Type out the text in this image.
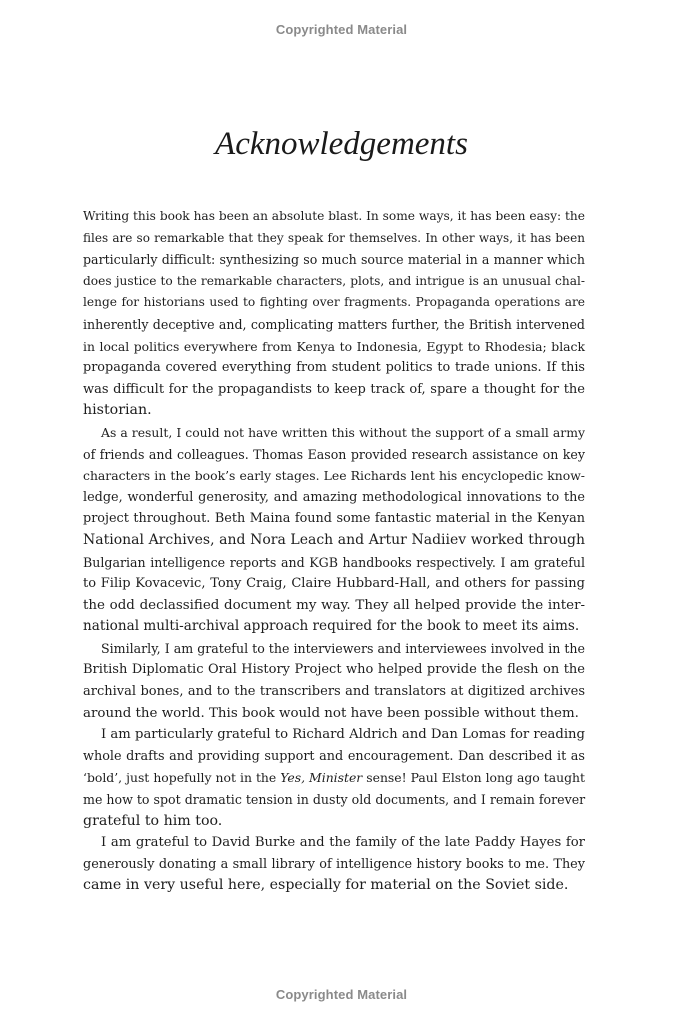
Copyrighted Material
Acknowledgements

Writing this book has been an absolute blast. In some ways, it has been easy: the
files are so remarkable that they speak for themselves. In other ways, it has been
particularly difficult: synthesizing so much source material in a manner which
does justice to the remarkable characters, plots, and intrigue is an unusual chal-
lenge for historians used to fighting over fragments. Propaganda operations are
inherently deceptive and, complicating matters further, the British intervened
in local politics everywhere from Kenya to Indonesia, Egypt to Rhodesia; black
propaganda covered everything from student politics to trade unions. If this
was difficult for the propagandists to keep track of, spare a thought for the
historian.

As a result, I could not have written this without the support of a small army
of friends and colleagues. Thomas Eason provided research assistance on key
characters in the book’s early stages. Lee Richards lent his encyclopedic know-
ledge, wonderful generosity, and amazing methodological innovations to the
project throughout. Beth Maina found some fantastic material in the Kenyan
National Archives, and Nora Leach and Artur Nadiiev worked through
Bulgarian intelligence reports and KGB handbooks respectively. I am grateful
to Filip Kovacevic, Tony Craig, Claire Hubbard-Hall, and others for passing
the odd declassified document my way. They all helped provide the inter-
national multi-archival approach required for the book to meet its aims.

Similarly, I am grateful to the interviewers and interviewees involved in the
British Diplomatic Oral History Project who helped provide the flesh on the
archival bones, and to the transcribers and translators at digitized archives
around the world. This book would not have been possible without them.

I am particularly grateful to Richard Aldrich and Dan Lomas for reading
whole drafts and providing support and encouragement. Dan described it as
‘bold’, just hopefully not in the Yes, Minister sense! Paul Elston long ago taught
me how to spot dramatic tension in dusty old documents, and I remain forever
grateful to him too.

I am grateful to David Burke and the family of the late Paddy Hayes for
generously donating a small library of intelligence history books to me. They
came in very useful here, especially for material on the Soviet side.

Copyrighted Material
